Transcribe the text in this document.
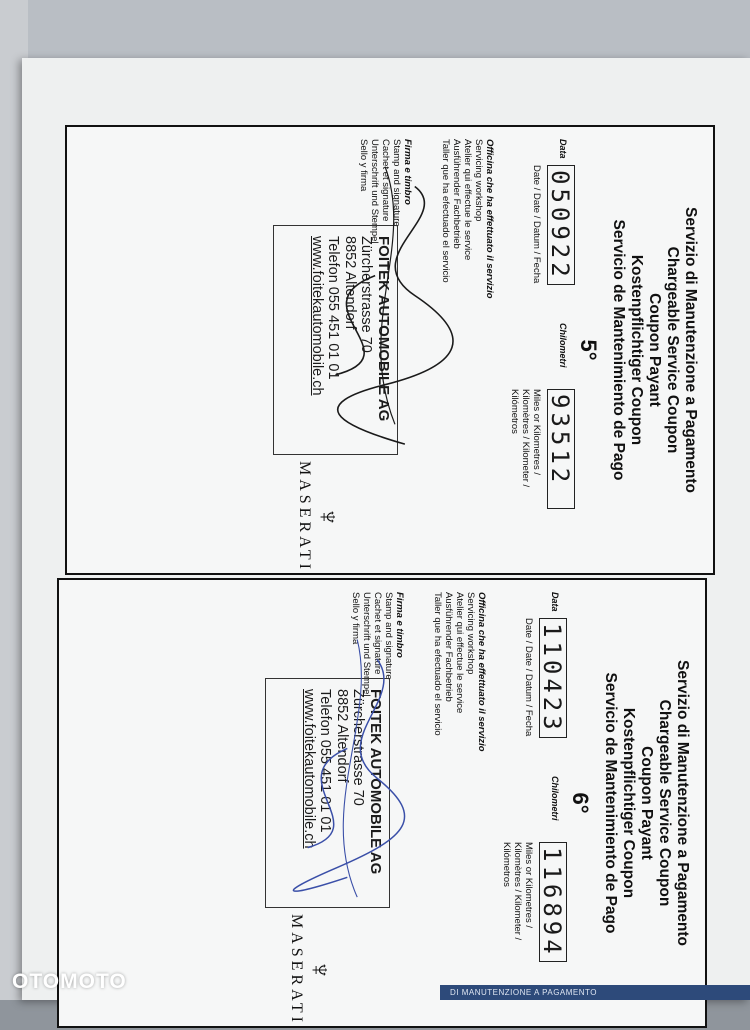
Servizio di Manutenzione a Pagamento
Chargeable Service Coupon
Coupon Payant
Kostenpflichtiger Coupon
Servicio de Mantenimiento de Pago
5°
Data
050922
Date / Date / Datum / Fecha
Chilometri
93512
Miles or Kilometres /
Kilomètres / Kilometer /
Kilómetros
Officina che ha effettuato il servizio
Servicing workshop
Atelier qui effectue le service
Ausführender Fachbetrieb
Taller que ha efectuado el servicio
Firma e timbro
Stamp and signature
Cachet et signature
Unterschrift und Stempel
Sello y firma
FOITEK AUTOMOBILE AG
Zürcherstrasse 70
8852 Altendorf
Telefon 055 451 01 01
www.foitekautomobile.ch
♆
MASERATI
Servizio di Manutenzione a Pagamento
Chargeable Service Coupon
Coupon Payant
Kostenpflichtiger Coupon
Servicio de Mantenimiento de Pago
6°
Data
110423
Date / Date / Datum / Fecha
Chilometri
116894
Miles or Kilometres /
Kilomètres / Kilometer /
Kilómetros
Officina che ha effettuato il servizio
Servicing workshop
Atelier qui effectue le service
Ausführender Fachbetrieb
Taller que ha efectuado el servicio
Firma e timbro
Stamp and signature
Cachet et signature
Unterschrift und Stempel
Sello y firma
FOITEK AUTOMOBILE AG
Zürcherstrasse 70
8852 Altendorf
Telefon 055 451 01 01
www.foitekautomobile.ch
♆
MASERATI	DI MANUTENZIONE A PAGAMENTO
OTOMOTO
